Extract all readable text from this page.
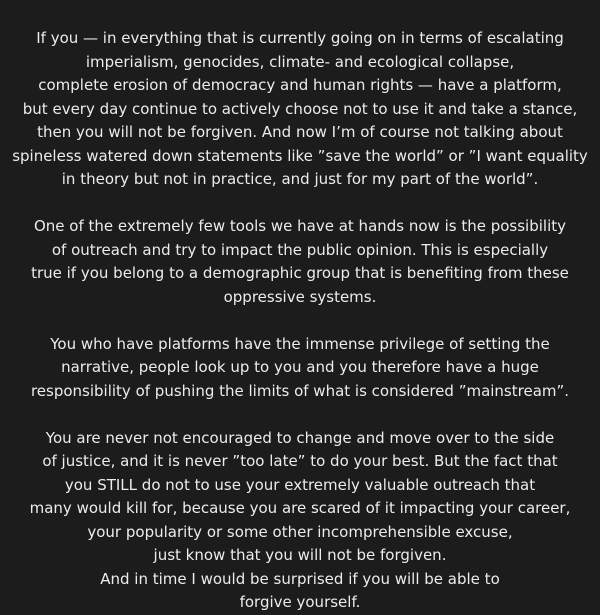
If you — in everything that is currently going on in terms of escalating
imperialism, genocides, climate- and ecological collapse,
complete erosion of democracy and human rights — have a platform,
but every day continue to actively choose not to use it and take a stance,
then you will not be forgiven. And now I’m of course not talking about
spineless watered down statements like ”save the world” or ”I want equality
in theory but not in practice, and just for my part of the world”.
One of the extremely few tools we have at hands now is the possibility
of outreach and try to impact the public opinion. This is especially
true if you belong to a demographic group that is benefiting from these
oppressive systems.
You who have platforms have the immense privilege of setting the
narrative, people look up to you and you therefore have a huge
responsibility of pushing the limits of what is considered ”mainstream”.
You are never not encouraged to change and move over to the side
of justice, and it is never ”too late” to do your best. But the fact that
you STILL do not to use your extremely valuable outreach that
many would kill for, because you are scared of it impacting your career,
your popularity or some other incomprehensible excuse,
just know that you will not be forgiven.
And in time I would be surprised if you will be able to
forgive yourself.
